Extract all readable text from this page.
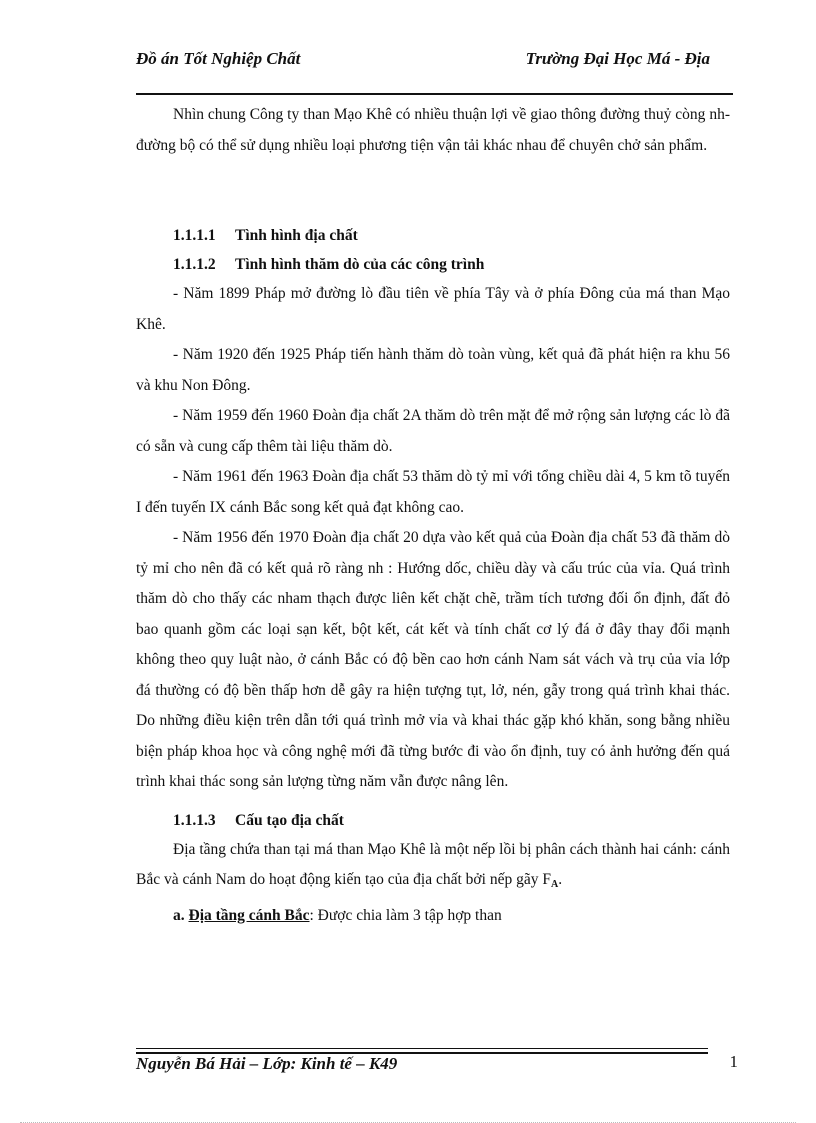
Đồ án Tốt Nghiệp Chất	Trường Đại Học Má - Địa

Nhìn chung Công ty than Mạo Khê có nhiều thuận lợi về giao thông đường thuỷ còng nh đường bộ có thể sử dụng nhiều loại phương tiện vận tải khác nhau để chuyên chở sản phẩm.

1.1.1.1 Tình hình địa chất
1.1.1.2 Tình hình thăm dò của các công trình

- Năm 1899 Pháp mở đường lò đầu tiên về phía Tây và ở phía Đông của má than Mạo Khê.

- Năm 1920 đến 1925 Pháp tiến hành thăm dò toàn vùng, kết quả đã phát hiện ra khu 56 và khu Non Đông.

- Năm 1959 đến 1960 Đoàn địa chất 2A thăm dò trên mặt để mở rộng sản lượng các lò đã có sẵn và cung cấp thêm tài liệu thăm dò.

- Năm 1961 đến 1963 Đoàn địa chất 53 thăm dò tỷ mỉ với tổng chiều dài 4, 5 km tõ tuyến I đến tuyến IX cánh Bắc song kết quả đạt không cao.

- Năm 1956 đến 1970 Đoàn địa chất 20 dựa vào kết quả của Đoàn địa chất 53 đã thăm dò tỷ mỉ cho nên đã có kết quả rõ ràng nh : Hướng dốc, chiều dày và cấu trúc của vỉa. Quá trình thăm dò cho thấy các nham thạch được liên kết chặt chẽ, trầm tích tương đối ổn định, đất đỏ bao quanh gồm các loại sạn kết, bột kết, cát kết và tính chất cơ lý đá ở đây thay đổi mạnh không theo quy luật nào, ở cánh Bắc có độ bền cao hơn cánh Nam sát vách và trụ của vỉa lớp đá thường có độ bền thấp hơn dễ gây ra hiện tượng tụt, lở, nén, gẫy trong quá trình khai thác. Do những điều kiện trên dẫn tới quá trình mở vỉa và khai thác gặp khó khăn, song bằng nhiều biện pháp khoa học và công nghệ mới đã từng bước đi vào ổn định, tuy có ảnh hưởng đến quá trình khai thác song sản lượng từng năm vẫn được nâng lên.

1.1.1.3 Cấu tạo địa chất

Địa tầng chứa than tại má than Mạo Khê là một nếp lồi bị phân cách thành hai cánh: cánh Bắc và cánh Nam do hoạt động kiến tạo của địa chất bởi nếp gãy $F_A$.

a. Địa tầng cánh Bắc: Được chia làm 3 tập hợp than

Nguyễn Bá Hải – Lớp: Kinh tế – K49	1
